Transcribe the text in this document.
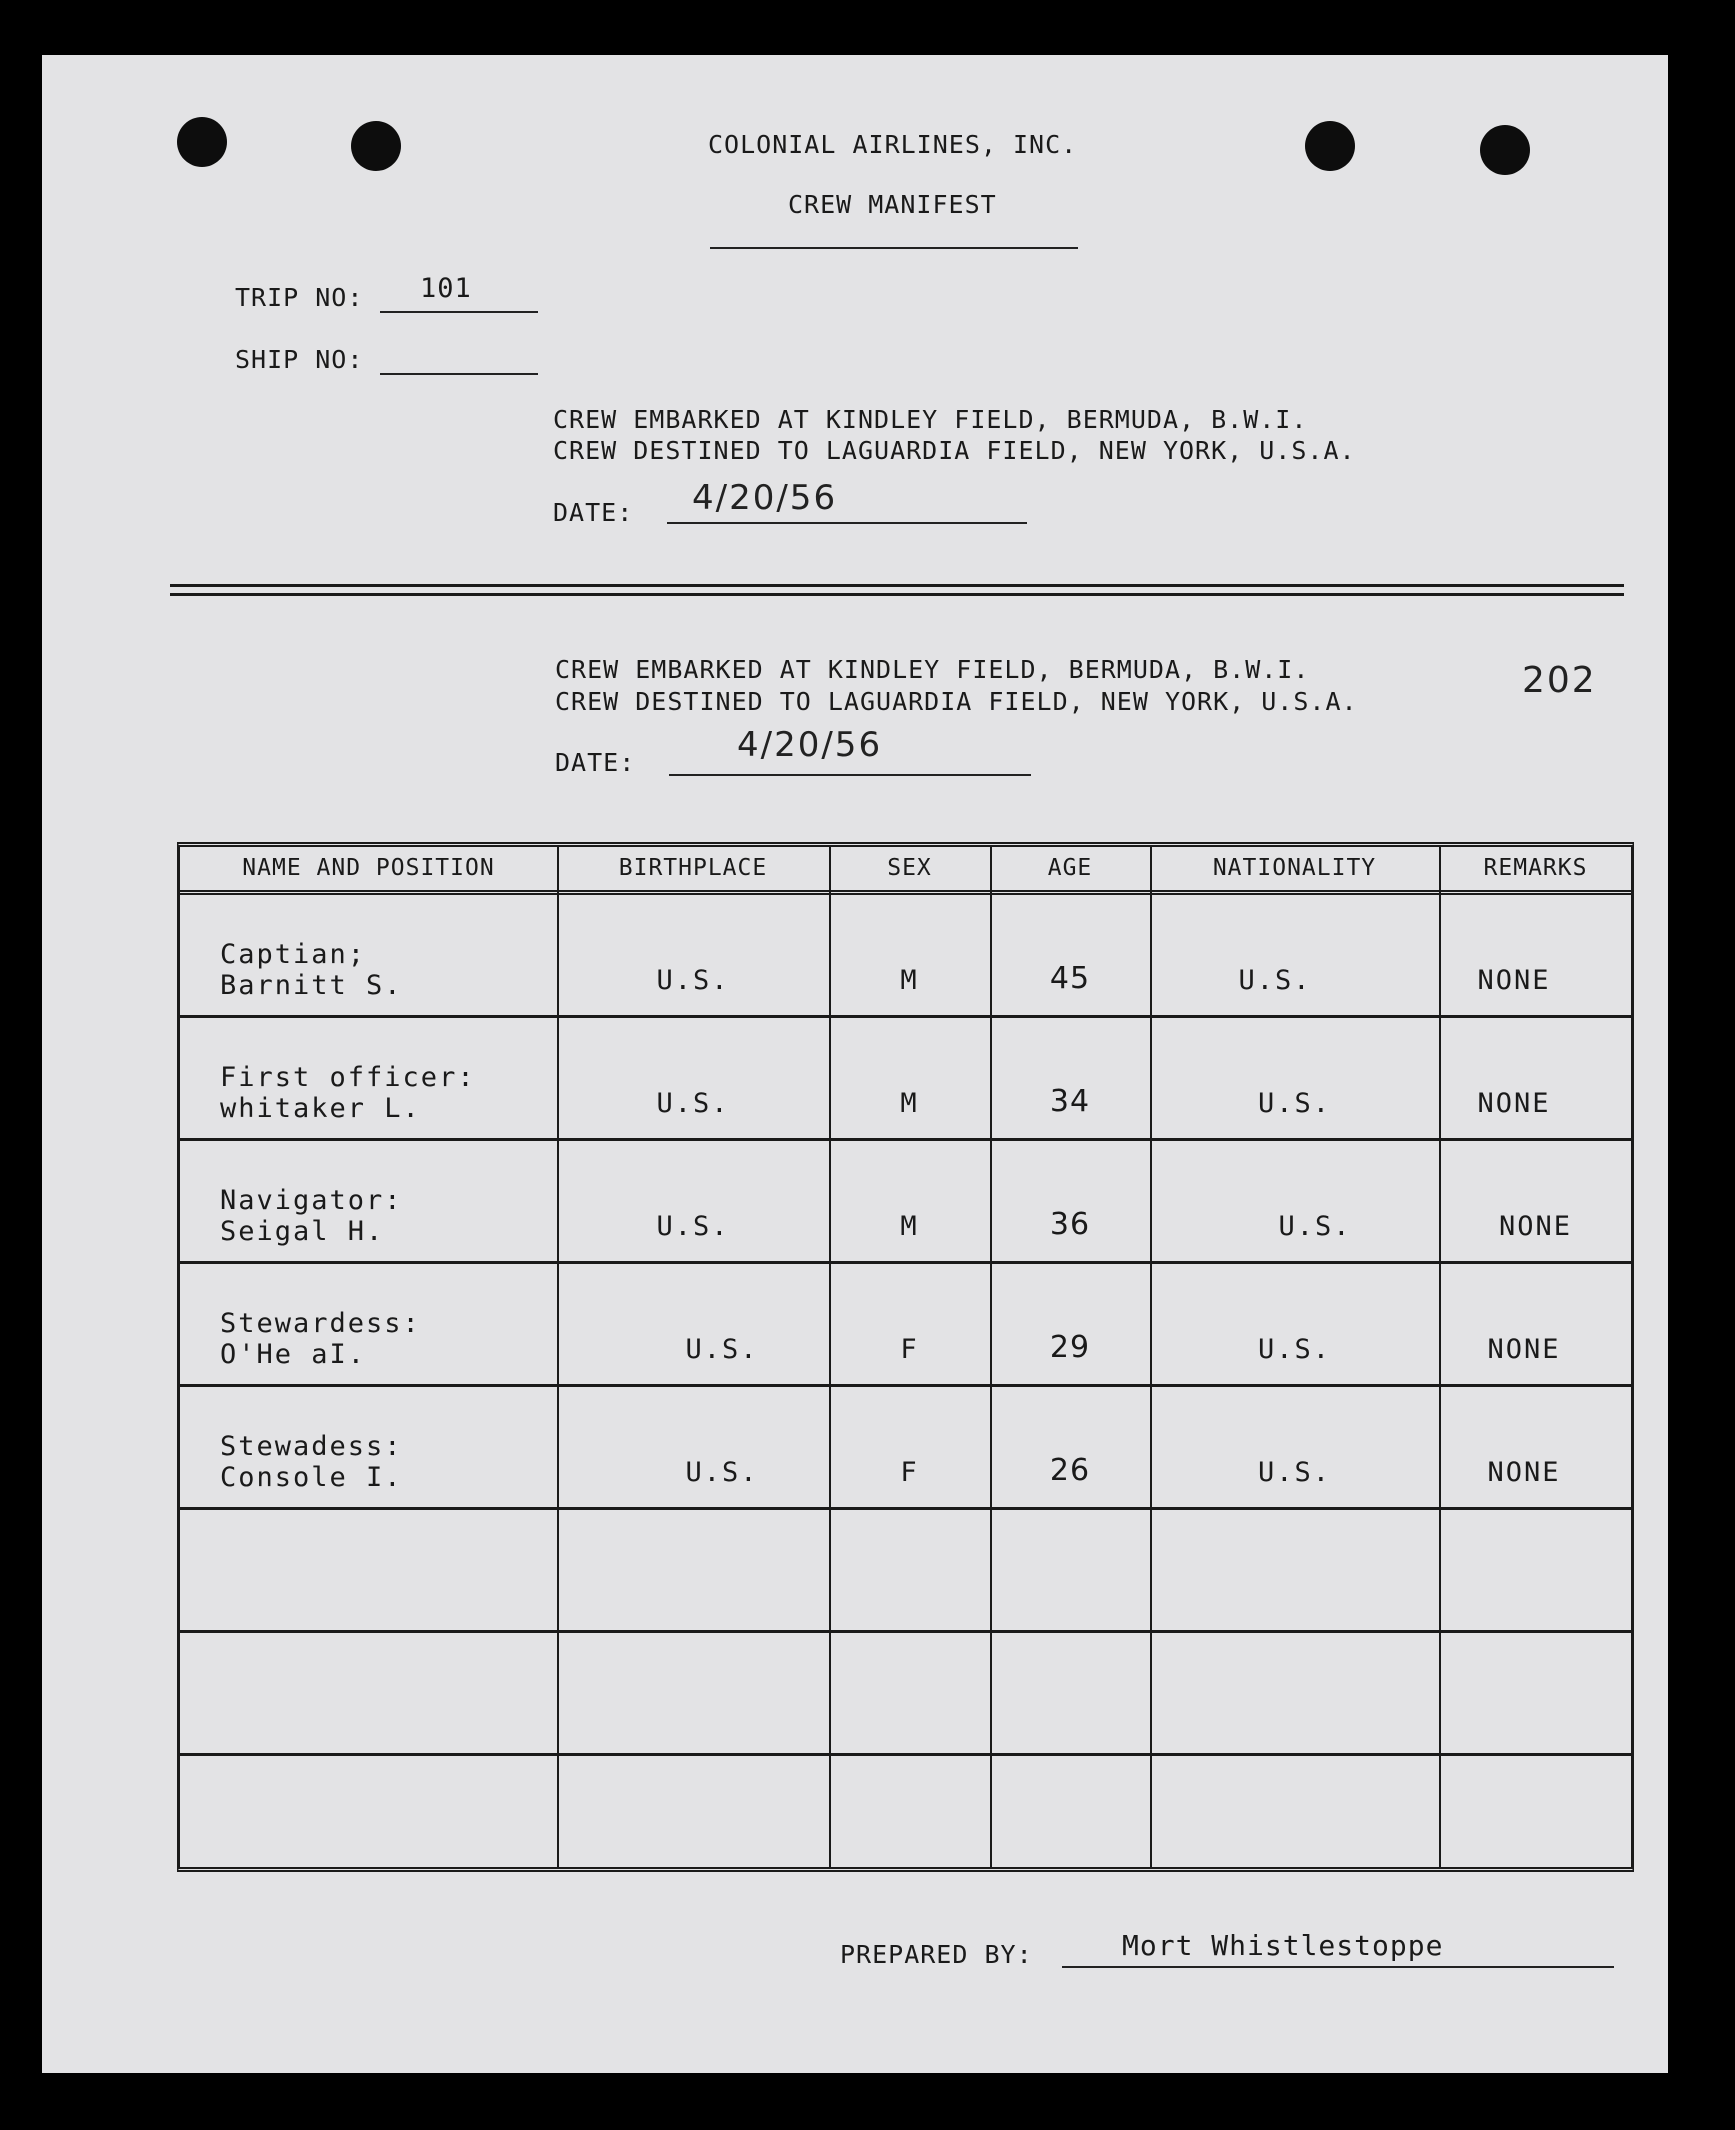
COLONIAL AIRLINES, INC.
CREW MANIFEST
TRIP NO: 101
SHIP NO:
CREW EMBARKED AT KINDLEY FIELD, BERMUDA, B.W.I.
CREW DESTINED TO LAGUARDIA FIELD, NEW YORK, U.S.A.
DATE: 4/20/56
CREW EMBARKED AT KINDLEY FIELD, BERMUDA, B.W.I.
CREW DESTINED TO LAGUARDIA FIELD, NEW YORK, U.S.A.
202
DATE:	4/20/56
NAME AND POSITION	BIRTHPLACE	SEX	AGE	NATIONALITY	REMARKS
Captian;
Barnitt S.	U.S.	M	45	U.S.	NONE
First officer:
whitaker L.	U.S.	M	34	U.S.	NONE
Navigator:
Seigal H.	U.S.	M	36	U.S.	NONE
Stewardess:
O'He aI.	U.S.	F	29	U.S.	NONE
Stewadess:
Console I.	U.S.	F	26	U.S.	NONE
PREPARED BY:	Mort Whistlestoppe
